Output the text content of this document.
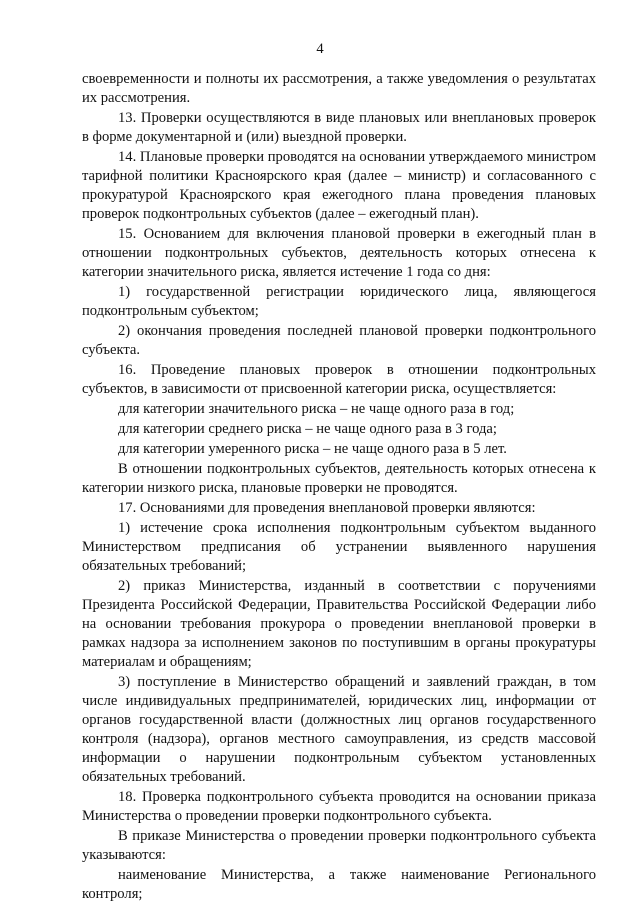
4

своевременности и полноты их рассмотрения, а также уведомления о результатах их рассмотрения.

13. Проверки осуществляются в виде плановых или внеплановых проверок в форме документарной и (или) выездной проверки.

14. Плановые проверки проводятся на основании утверждаемого министром тарифной политики Красноярского края (далее – министр) и согласованного с прокуратурой Красноярского края ежегодного плана проведения плановых проверок подконтрольных субъектов (далее – ежегодный план).

15. Основанием для включения плановой проверки в ежегодный план в отношении подконтрольных субъектов, деятельность которых отнесена к категории значительного риска, является истечение 1 года со дня:

1) государственной регистрации юридического лица, являющегося подконтрольным субъектом;

2) окончания проведения последней плановой проверки подконтрольного субъекта.

16. Проведение плановых проверок в отношении подконтрольных субъектов, в зависимости от присвоенной категории риска, осуществляется:

для категории значительного риска – не чаще одного раза в год;

для категории среднего риска – не чаще одного раза в 3 года;

для категории умеренного риска – не чаще одного раза в 5 лет.

В отношении подконтрольных субъектов, деятельность которых отнесена к категории низкого риска, плановые проверки не проводятся.

17. Основаниями для проведения внеплановой проверки являются:

1) истечение срока исполнения подконтрольным субъектом выданного Министерством предписания об устранении выявленного нарушения обязательных требований;

2) приказ Министерства, изданный в соответствии с поручениями Президента Российской Федерации, Правительства Российской Федерации либо на основании требования прокурора о проведении внеплановой проверки в рамках надзора за исполнением законов по поступившим в органы прокуратуры материалам и обращениям;

3) поступление в Министерство обращений и заявлений граждан, в том числе индивидуальных предпринимателей, юридических лиц, информации от органов государственной власти (должностных лиц органов государственного контроля (надзора), органов местного самоуправления, из средств массовой информации о нарушении подконтрольным субъектом установленных обязательных требований.

18. Проверка подконтрольного субъекта проводится на основании приказа Министерства о проведении проверки подконтрольного субъекта.

В приказе Министерства о проведении проверки подконтрольного субъекта указываются:

наименование Министерства, а также наименование Регионального контроля;
